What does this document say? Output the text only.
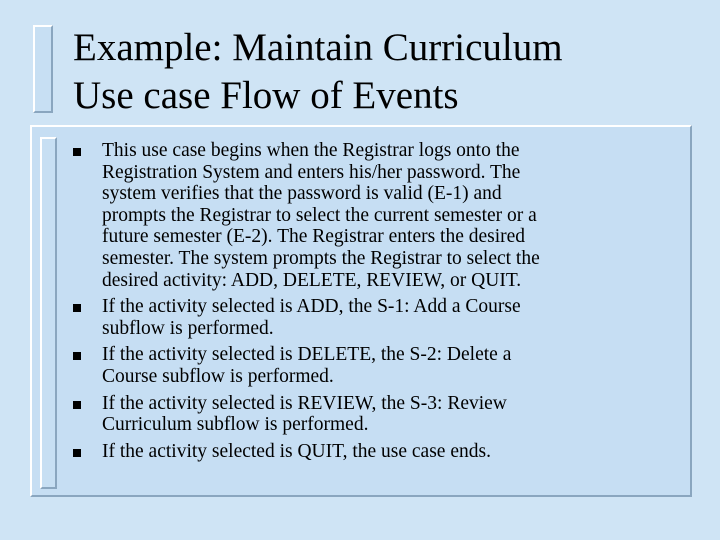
Example: Maintain Curriculum
Use case Flow of Events
This use case begins when the Registrar logs onto the
Registration System and enters his/her password. The
system verifies that the password is valid (E-1) and
prompts the Registrar to select the current semester or a
future semester (E-2). The Registrar enters the desired
semester. The system prompts the Registrar to select the
desired activity: ADD, DELETE, REVIEW, or QUIT.
If the activity selected is ADD, the S-1: Add a Course
subflow is performed.
If the activity selected is DELETE, the S-2: Delete a
Course subflow is performed.
If the activity selected is REVIEW, the S-3: Review
Curriculum subflow is performed.
If the activity selected is QUIT, the use case ends.
